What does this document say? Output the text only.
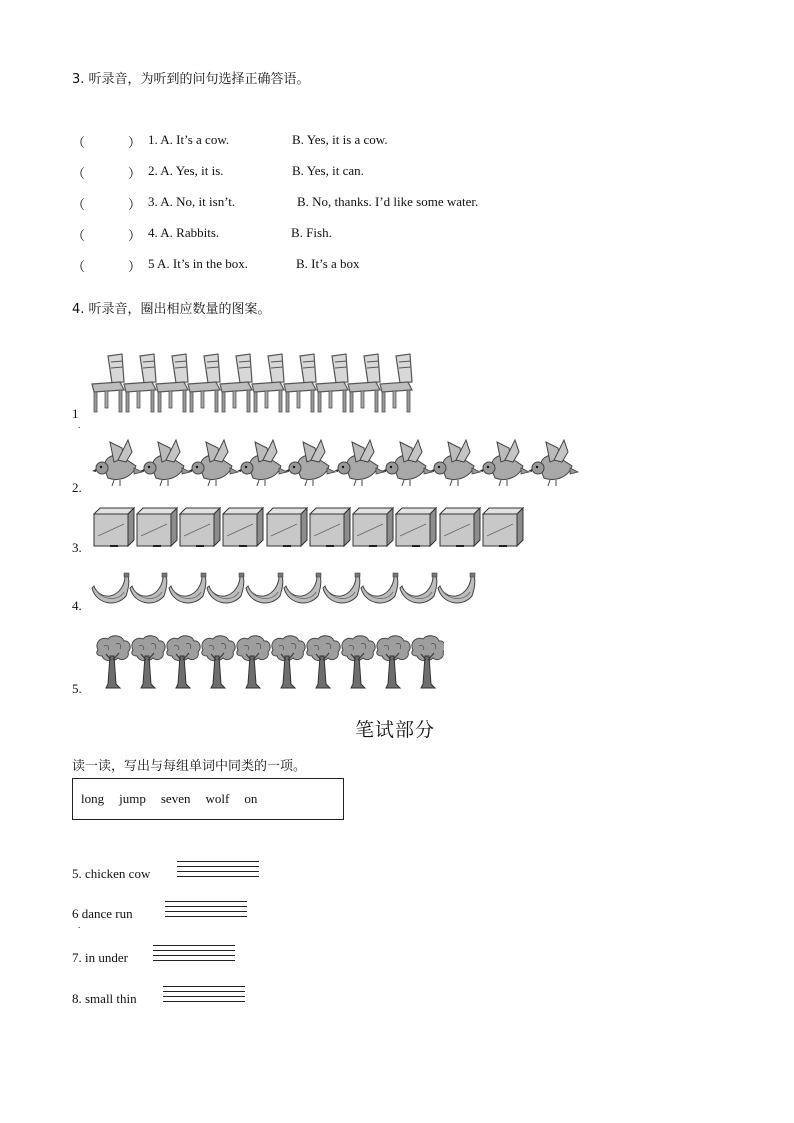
3. 听录音，为听到的问句选择正确答语。
（	） 1. A. It’s a cow.	B. Yes, it is a cow.
（	） 2. A. Yes, it is.	B. Yes, it can.
（	） 3. A. No, it isn’t.	B. No, thanks. I’d like some water.
（	） 4. A. Rabbits.	B. Fish.
（	） 5 A. It’s in the box.	B. It’s a box
4. 听录音，圈出相应数量的图案。
1
.
2.
3.
4.
5.
笔试部分
读一读，写出与每组单词中同类的一项。
long jump seven wolf on
5. chicken cow
6 dance run
.
7. in under
8. small thin
